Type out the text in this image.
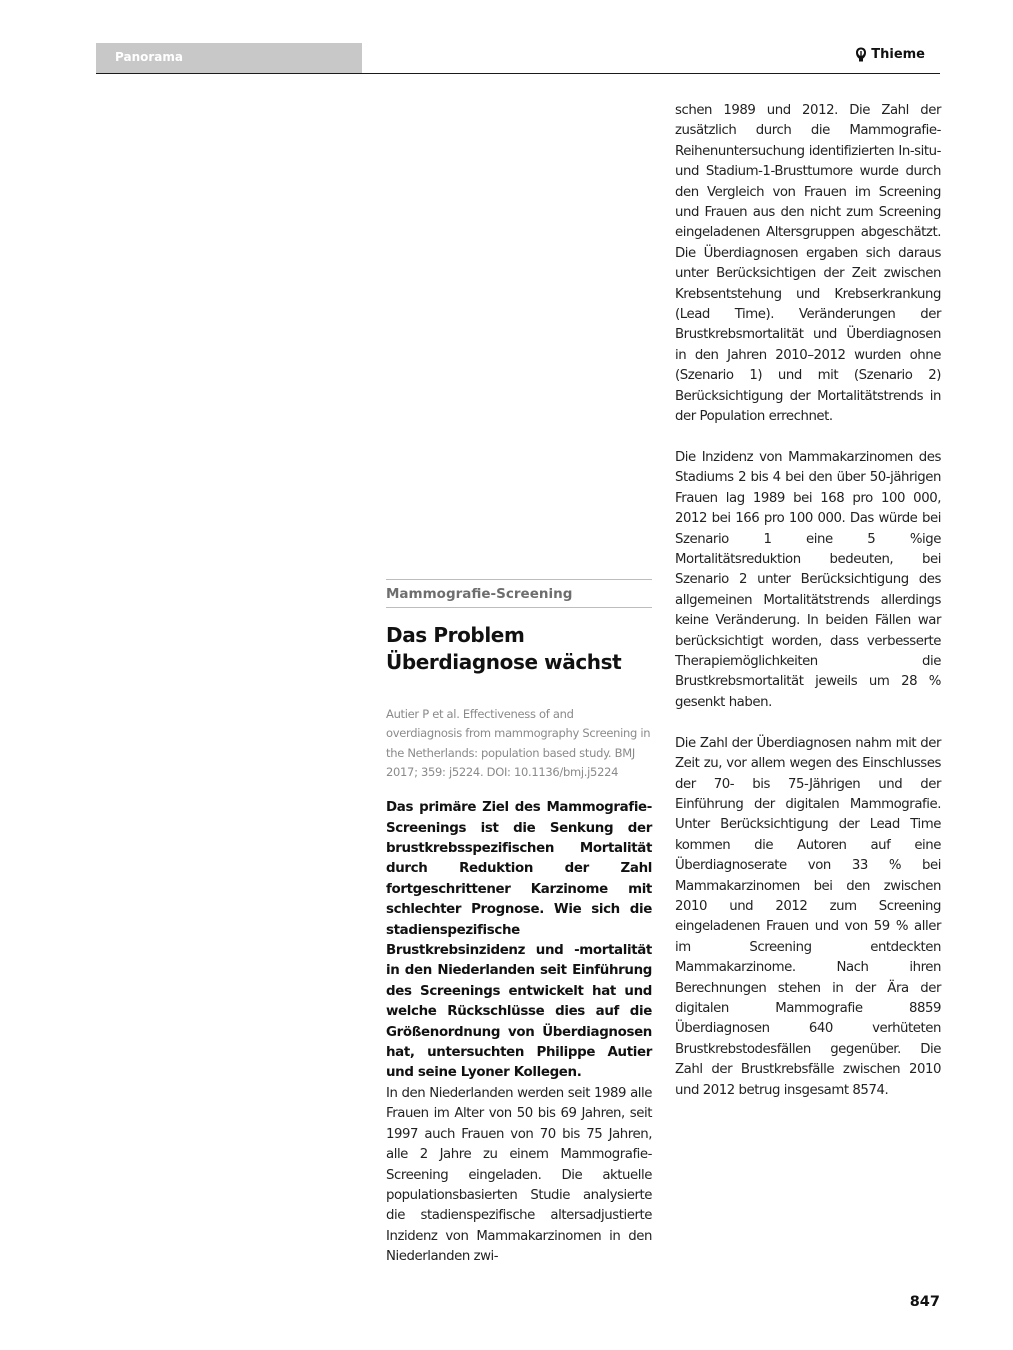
Panorama	Thieme
Mammografie-Screening
Das Problem Überdiagnose wächst
Autier P et al. Effectiveness of and overdiagnosis from mammography Screening in the Netherlands: population based study. BMJ 2017; 359: j5224. DOI: 10.1136/bmj.j5224
Das primäre Ziel des Mammografie-Screenings ist die Senkung der brustkrebsspezifischen Mortalität durch Reduktion der Zahl fortgeschrittener Karzinome mit schlechter Prognose. Wie sich die stadienspezifische Brustkrebsinzidenz und -mortalität in den Niederlanden seit Einführung des Screenings entwickelt hat und welche Rückschlüsse dies auf die Größenordnung von Überdiagnosen hat, untersuchten Philippe Autier und seine Lyoner Kollegen.

In den Niederlanden werden seit 1989 alle Frauen im Alter von 50 bis 69 Jahren, seit 1997 auch Frauen von 70 bis 75 Jahren, alle 2 Jahre zu einem Mammografie-Screening eingeladen. Die aktuelle populationsbasierten Studie analysierte die stadienspezifische altersadjustierte Inzidenz von Mammakarzinomen in den Niederlanden zwi-

schen 1989 und 2012. Die Zahl der zusätzlich durch die Mammografie-Reihenuntersuchung identifizierten In-situ- und Stadium-1-Brusttumore wurde durch den Vergleich von Frauen im Screening und Frauen aus den nicht zum Screening eingeladenen Altersgruppen abgeschätzt. Die Überdiagnosen ergaben sich daraus unter Berücksichtigen der Zeit zwischen Krebsentstehung und Krebserkrankung (Lead Time). Veränderungen der Brustkrebsmortalität und Überdiagnosen in den Jahren 2010–2012 wurden ohne (Szenario 1) und mit (Szenario 2) Berücksichtigung der Mortalitätstrends in der Population errechnet.

Die Inzidenz von Mammakarzinomen des Stadiums 2 bis 4 bei den über 50-jährigen Frauen lag 1989 bei 168 pro 100 000, 2012 bei 166 pro 100 000. Das würde bei Szenario 1 eine 5 %ige Mortalitätsreduktion bedeuten, bei Szenario 2 unter Berücksichtigung des allgemeinen Mortalitätstrends allerdings keine Veränderung. In beiden Fällen war berücksichtigt worden, dass verbesserte Therapiemöglichkeiten die Brustkrebsmortalität jeweils um 28 % gesenkt haben.

Die Zahl der Überdiagnosen nahm mit der Zeit zu, vor allem wegen des Einschlusses der 70- bis 75-Jährigen und der Einführung der digitalen Mammografie. Unter Berücksichtigung der Lead Time kommen die Autoren auf eine Überdiagnoserate von 33 % bei Mammakarzinomen bei den zwischen 2010 und 2012 zum Screening eingeladenen Frauen und von 59 % aller im Screening entdeckten Mammakarzinome. Nach ihren Berechnungen stehen in der Ära der digitalen Mammografie 8859 Überdiagnosen 640 verhüteten Brustkrebstodesfällen gegenüber. Die Zahl der Brustkrebsfälle zwischen 2010 und 2012 betrug insgesamt 8574.

847
